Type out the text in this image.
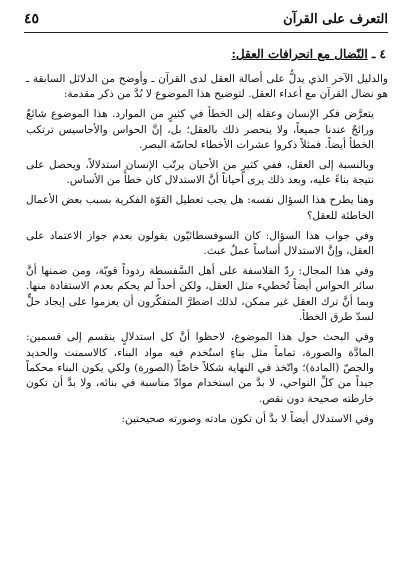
التعرف على القرآن
٤٥
٤ ـ النّضال مع انحرافات العقل:

والدليل الآخر الذي يدلُّ على أصالة العقل لدى القرآن ـ وأوضح من الدلائل السابقة ـ هو نضال القرآن مع أعداء العقل. لتوضيح هذا الموضوع لا بُدَّ من ذكر مقدمة:

يتعرَّض فكر الإنسان وعقله إلى الخطأ في كثيرٍ من الموارد. هذا الموضوع شائعٌ ورائجٌ عندنا جميعاً، ولا ينحصر ذلك بالعقل؛ بل، إنَّ الحواس والأحاسيس ترتكب الخطأ أيضاً. فمثلاً ذكروا عشرات الأخطاء لحاسّة البصر.

وبالنسبة إلى العقل، ففي كثيرٍ من الأحيان يرتّب الإنسان استدلالاً، ويحصل على نتيجة بناءً عليه، وبعد ذلك يرى أحياناً أنَّ الاستدلال كان خطأً من الأساس.

وهنا يطرح هذا السؤال نفسه: هل يجب تعطيل القوّة الفكرية بسبب بعض الأعمال الخاطئة للعقل؟

وفي جواب هذا السؤال: كان السوفسطائيّون يقولون بعدم جواز الاعتماد على العقل، وإنَّ الاستدلال أساساً عملٌ عبث.

وفي هذا المجال: ردّ الفلاسفة على أهل السَّفسطة ردوداً قويّة، ومن ضمنها أنَّ سائر الحواس أيضاً تُخطيء مثل العقل، ولكن أحداً لم يحكم بعدم الاستفادة منها. وبما أنَّ ترك العقل غير ممكن، لذلك اضطرَّ المتفكّرون أن يعزموا على إيجاد حلٍّ لسدّ طرق الخطأ.

وفي البحث حول هذا الموضوع، لاحظوا أنَّ كل استدلالٍ ينقسم إلى قسمين: المادَّة والصورة، تماماً مثل بناءٍ استُخدم فيه مواد البناء، كالاسمنت والحديد والجصّ (المادة)؛ واتّخذ في النهاية شكلاً خاصّاً (الصورة) ولكي يكون البناء محكماً جيداً من كلِّ النواحي، لا بدَّ من استخدام موادّ مناسبة في بنائه، ولا بدَّ أن تكون خارطته صحيحة دون نقص.

وفي الاستدلال أيضاً لا بدَّ أن تكون مادته وصورته صحيحتين:
